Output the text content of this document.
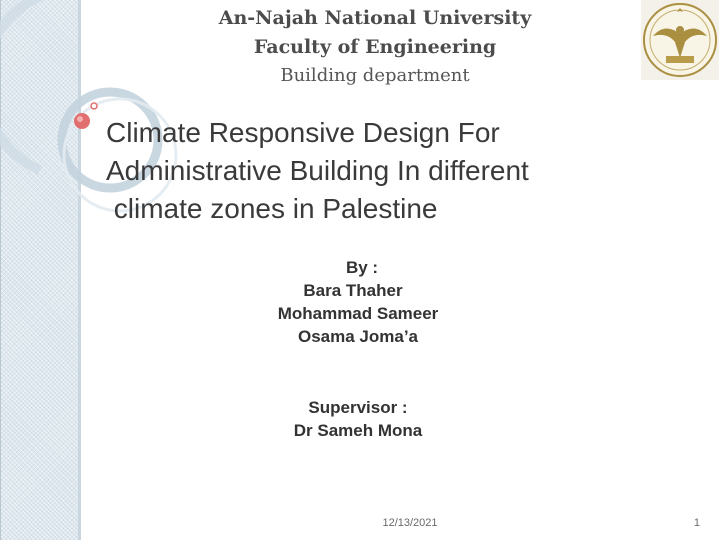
An-Najah National University
Faculty of Engineering
Building department
Climate Responsive Design For
Administrative Building In different
climate zones in Palestine
By :
Bara Thaher
Mohammad Sameer
Osama Joma’a
Supervisor :
Dr Sameh Mona
12/13/2021	1
